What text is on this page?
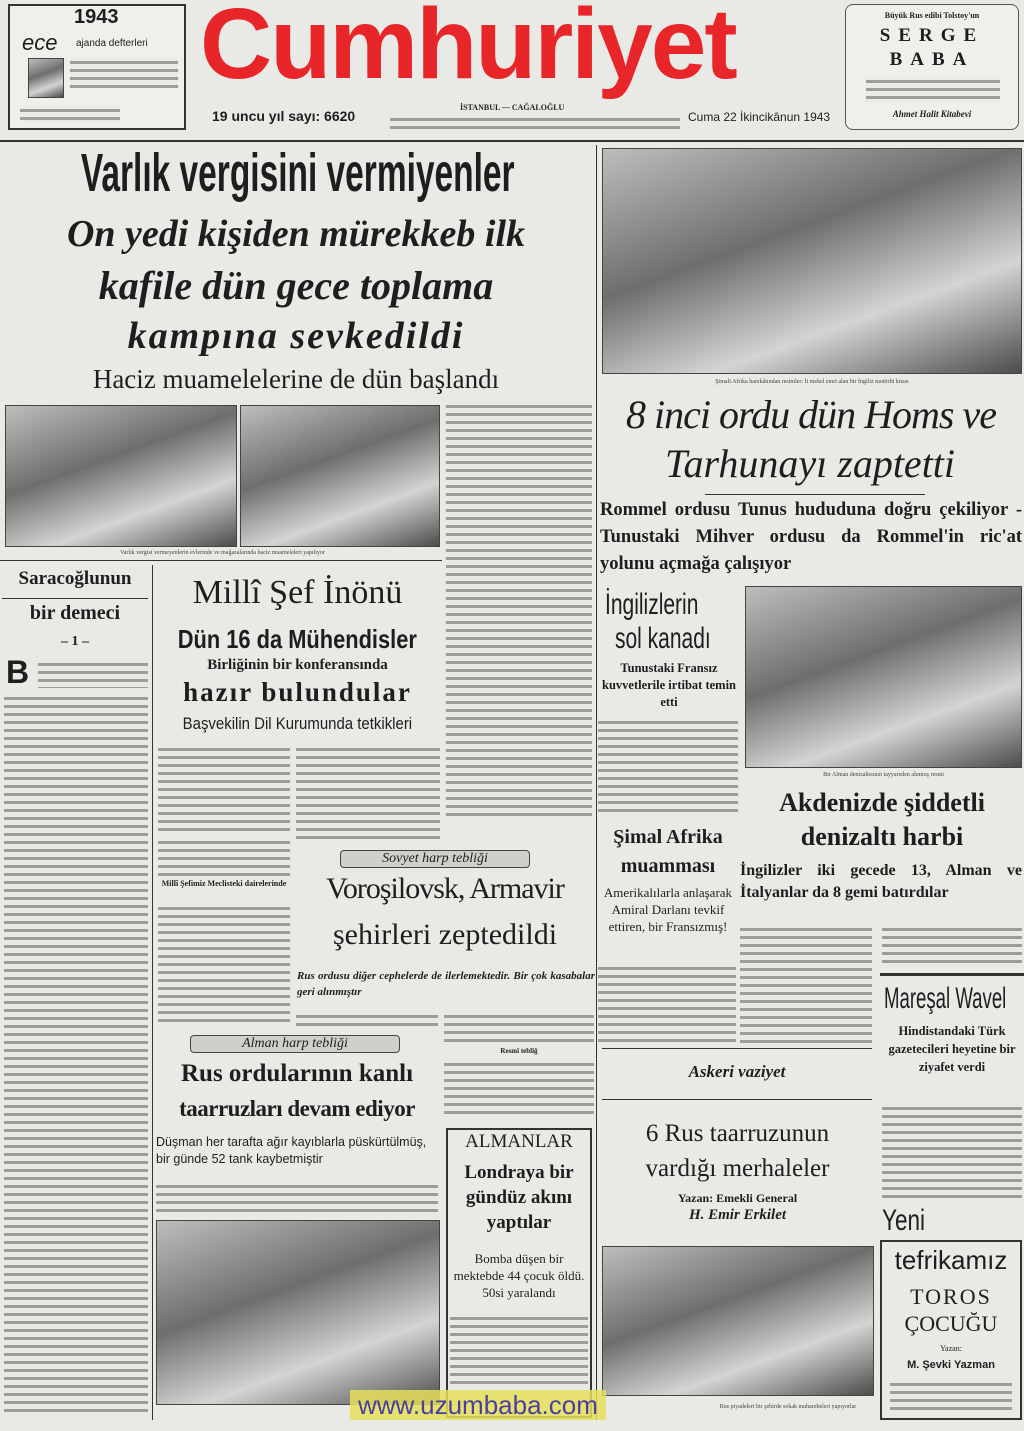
1943
ece ajanda defterleri Cumhuriyet
19 uncu yıl sayı: 6620
İSTANBUL — CAĞALOĞLU
Cuma 22 İkincikânun 1943
Büyük Rus edibi Tolstoy'un
SERGE
BABA
Ahmet Halit Kitabevi
Varlık vergisini vermiyenler
On yedi kişiden mürekkeb ilk
kafile dün gece toplama
kampına sevkedildi
Haciz muamelelerine de dün başlandı
Varlık vergisi vermeyenlerin evlerinde ve mağazalarında haciz muameleleri yapılıyor
Şimali Afrika harekâtından resimler: İi mekel emri alan bir İngiliz motörlü kıtası
8 inci ordu dün Homs ve
Tarhunayı zaptetti
Rommel ordusu Tunus hududuna doğru çekiliyor - Tunustaki Mihver ordusu da Rommel'in ric'at yolunu açmağa çalışıyor
İngilizlerin
sol kanadı
Tunustaki Fransız kuvvetlerile irtibat temin etti
Bir Alman denizaltısının tayyareden alınmış resmi
Akdenizde şiddetli
denizaltı harbi
İngilizler iki gecede 13, Alman ve İtalyanlar da 8 gemi batırdılar
Şimal Afrika
muamması
Amerikalılarla anlaşarak Amiral Darlanı tevkif ettiren, bir Fransızmış!
Mareşal Wavel
Hindistandaki Türk gazetecileri heyetine bir ziyafet verdi
Saracoğlunun
bir demeci
– 1 –
B
Millî Şef İnönü
Dün 16 da Mühendisler
Birliğinin bir konferansında
hazır bulundular
Başvekilin Dil Kurumunda tetkikleri
Millî Şefimiz Meclisteki dairelerinde
Sovyet harp tebliği
Voroşilovsk, Armavir
şehirleri zeptedildi
Rus ordusu diğer cephelerde de ilerlemektedir. Bir çok kasabalar geri alınmıştır
Resmî tebliğ
Alman harp tebliği
Rus ordularının kanlı
taarruzları devam ediyor
Düşman her tarafta ağır kayıblarla püskürtülmüş, bir günde 52 tank kaybetmiştir
ALMANLAR
Londraya bir gündüz akını yaptılar
Bomba düşen bir mektebde 44 çocuk öldü. 50si yaralandı
Askeri vaziyet
6 Rus taarruzunun
vardığı merhaleler
Yazan: Emekli General
H. Emir Erkilet
Rus piyadeleri bir şehirde sokak muharebeleri yapıyorlar
Yeni
tefrikamız
TOROS
ÇOCUĞU
Yazan:
M. Şevki Yazman
www.uzumbaba.com
